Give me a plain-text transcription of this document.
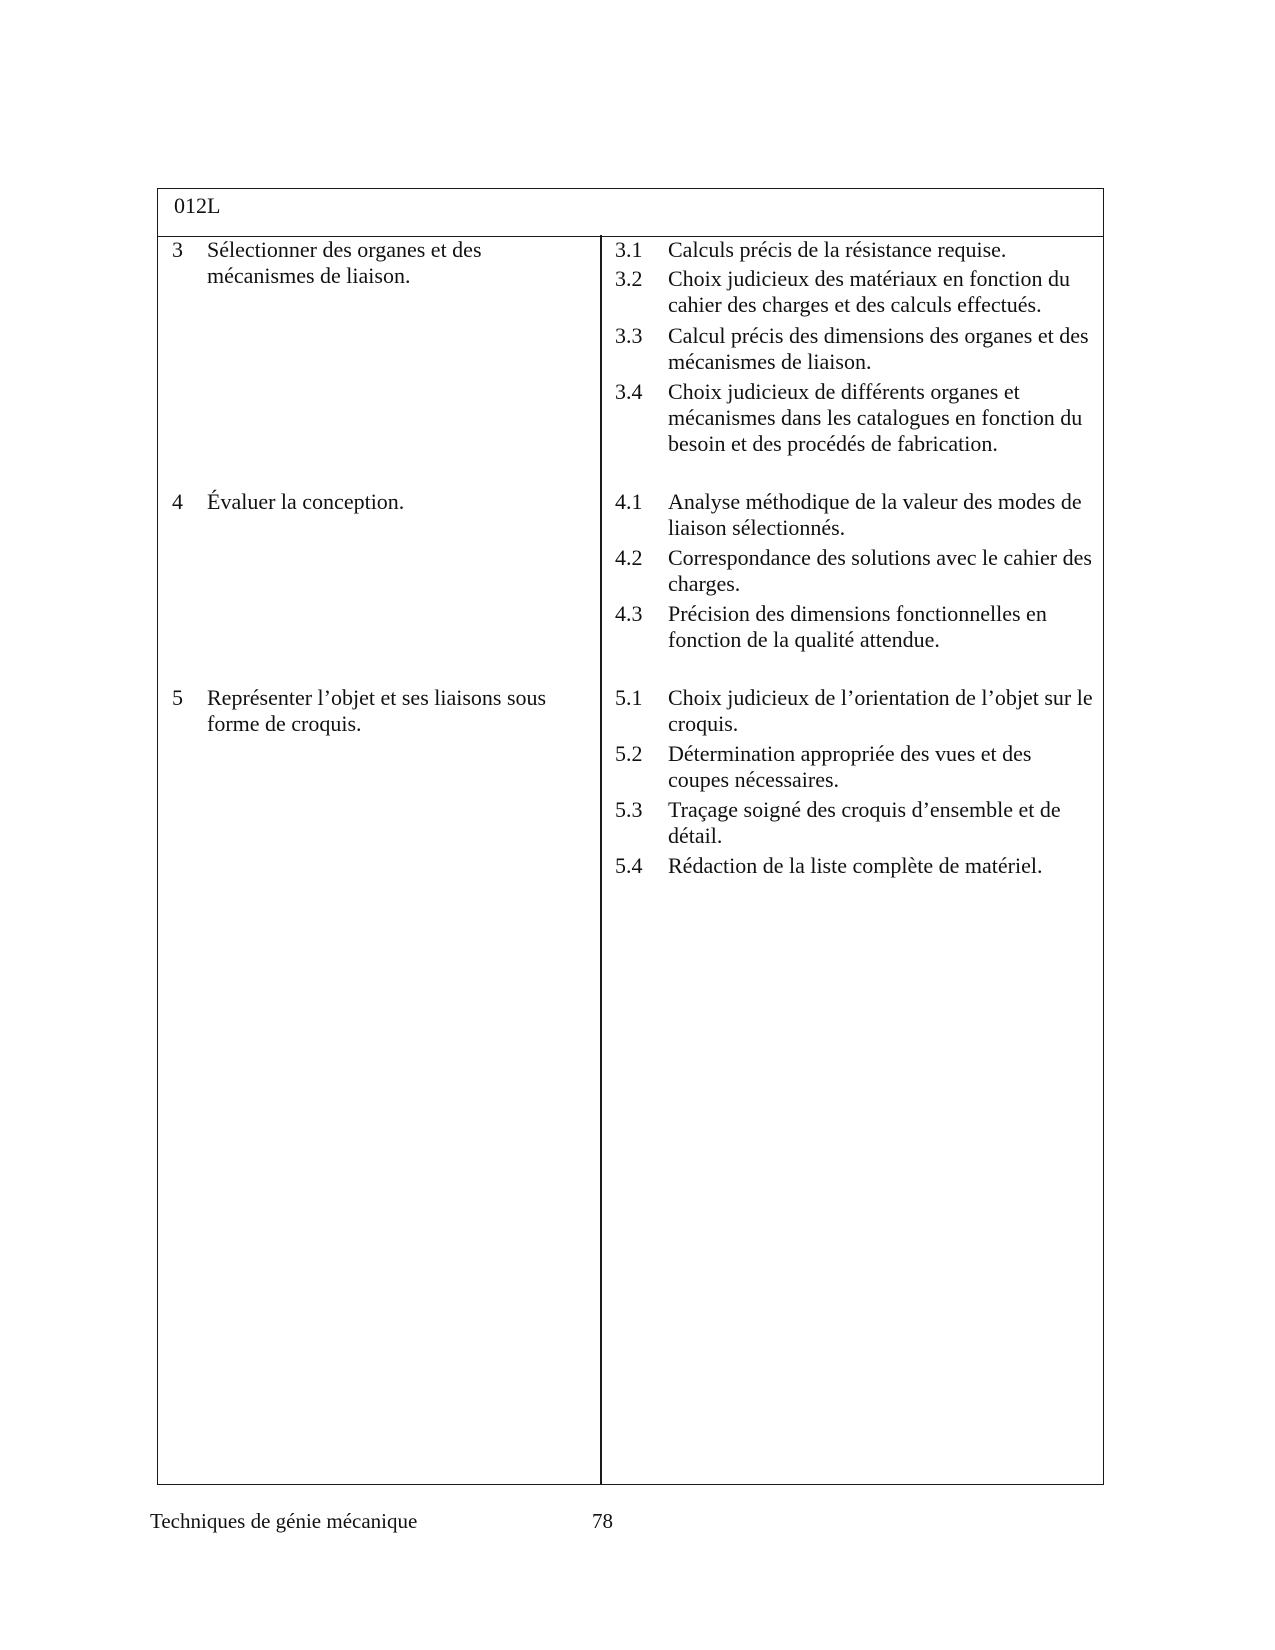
012L
3 Sélectionner des organes et des mécanismes de liaison.
4 Évaluer la conception.
5 Représenter l’objet et ses liaisons sous forme de croquis.
3.1 Calculs précis de la résistance requise.
3.2 Choix judicieux des matériaux en fonction du cahier des charges et des calculs effectués.
3.3 Calcul précis des dimensions des organes et des mécanismes de liaison.
3.4 Choix judicieux de différents organes et mécanismes dans les catalogues en fonction du besoin et des procédés de fabrication.
4.1 Analyse méthodique de la valeur des modes de liaison sélectionnés.
4.2 Correspondance des solutions avec le cahier des charges.
4.3 Précision des dimensions fonctionnelles en fonction de la qualité attendue.
5.1 Choix judicieux de l’orientation de l’objet sur le croquis.
5.2 Détermination appropriée des vues et des coupes nécessaires.
5.3 Traçage soigné des croquis d’ensemble et de détail.
5.4 Rédaction de la liste complète de matériel.
Techniques de génie mécanique	78
